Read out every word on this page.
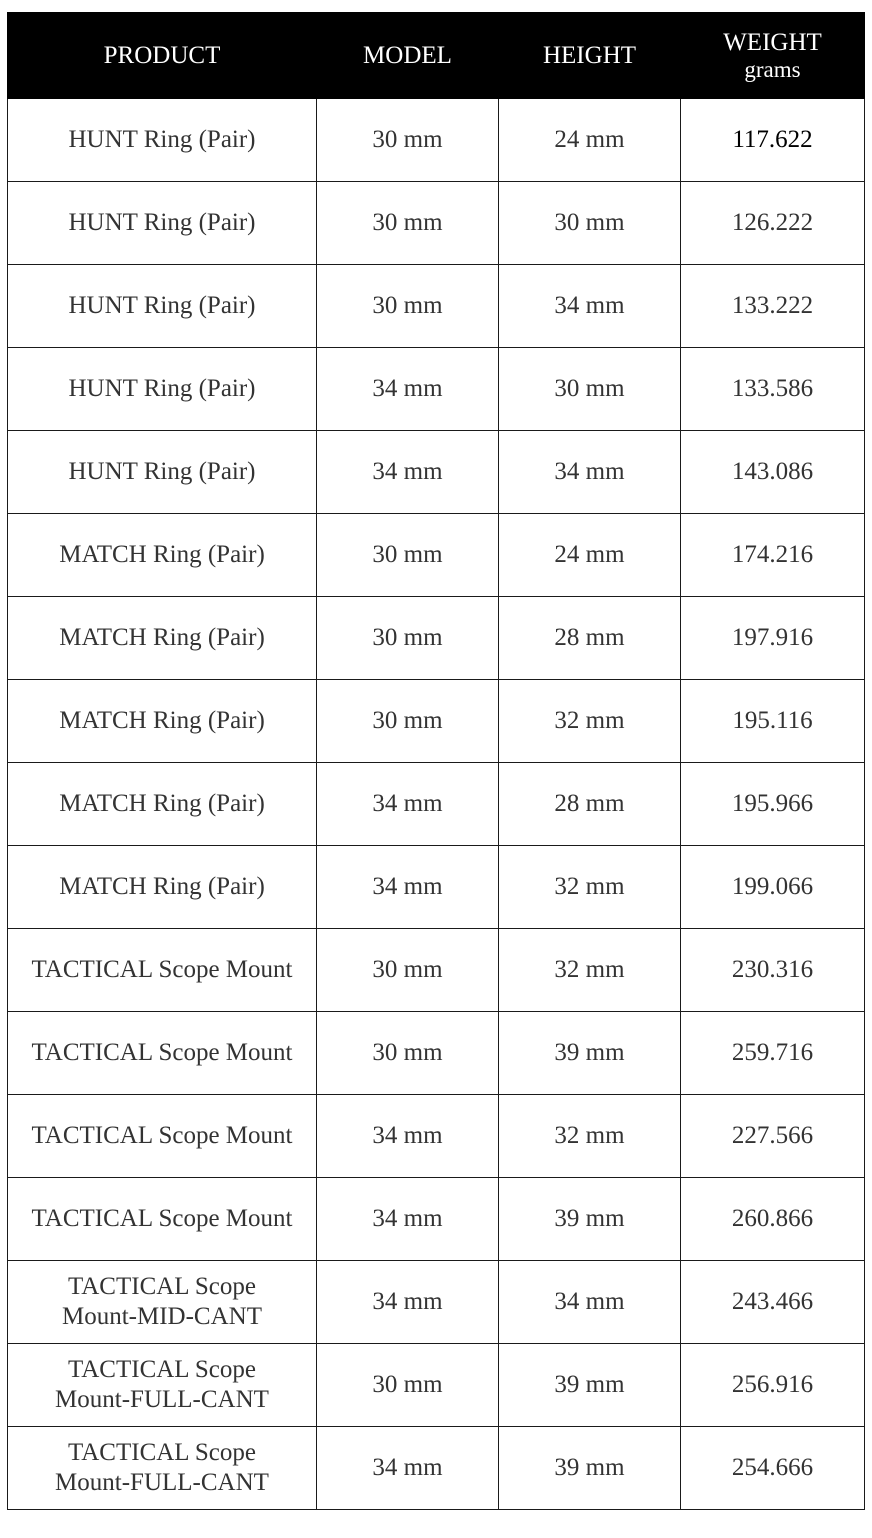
PRODUCT	MODEL	HEIGHT	WEIGHT
grams

HUNT Ring (Pair)	30 mm	24 mm	117.622
HUNT Ring (Pair)	30 mm	30 mm	126.222
HUNT Ring (Pair)	30 mm	34 mm	133.222
HUNT Ring (Pair)	34 mm	30 mm	133.586
HUNT Ring (Pair)	34 mm	34 mm	143.086
MATCH Ring (Pair)	30 mm	24 mm	174.216
MATCH Ring (Pair)	30 mm	28 mm	197.916
MATCH Ring (Pair)	30 mm	32 mm	195.116
MATCH Ring (Pair)	34 mm	28 mm	195.966
MATCH Ring (Pair)	34 mm	32 mm	199.066
TACTICAL Scope Mount	30 mm	32 mm	230.316
TACTICAL Scope Mount	30 mm	39 mm	259.716
TACTICAL Scope Mount	34 mm	32 mm	227.566
TACTICAL Scope Mount	34 mm	39 mm	260.866
TACTICAL Scope Mount-MID-CANT	34 mm	34 mm	243.466
TACTICAL Scope Mount-FULL-CANT	30 mm	39 mm	256.916
TACTICAL Scope Mount-FULL-CANT	34 mm	39 mm	254.666
